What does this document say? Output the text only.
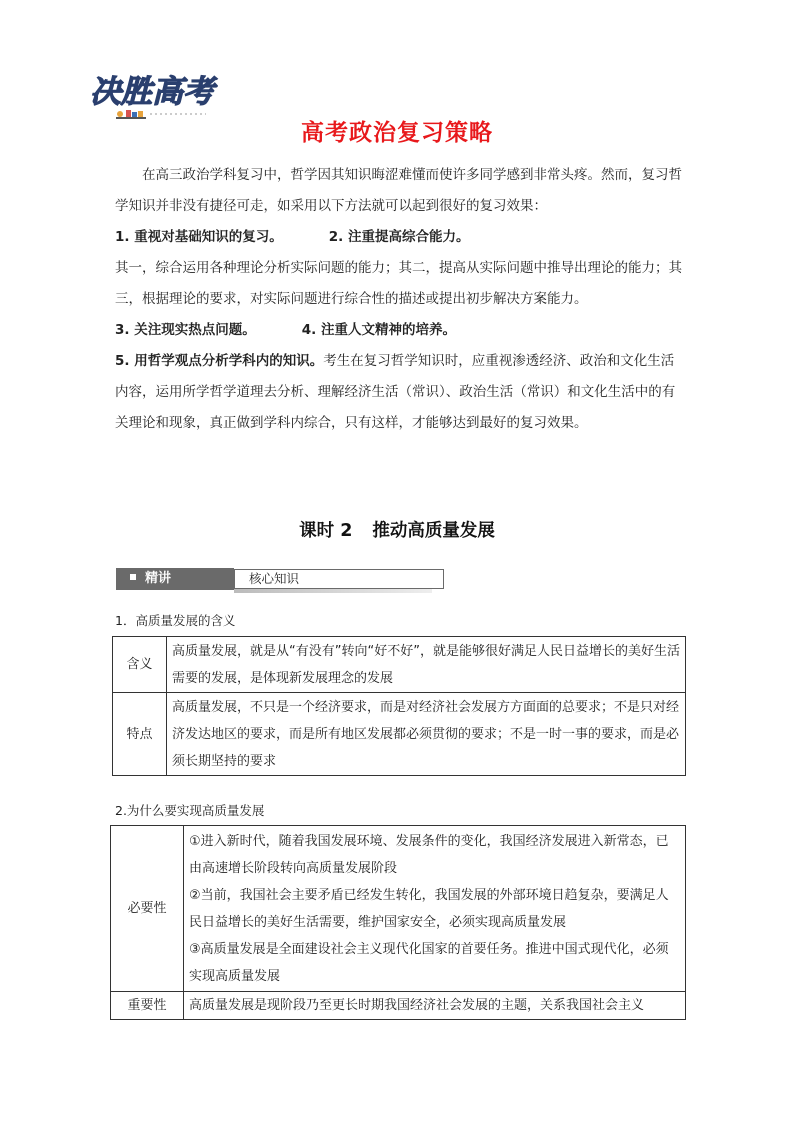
决胜高考
高考政治复习策略
在高三政治学科复习中，哲学因其知识晦涩难懂而使许多同学感到非常头疼。然而，复习哲学知识并非没有捷径可走，如采用以下方法就可以起到很好的复习效果：
1. 重视对基础知识的复习。	2. 注重提高综合能力。
其一，综合运用各种理论分析实际问题的能力；其二，提高从实际问题中推导出理论的能力；其三，根据理论的要求，对实际问题进行综合性的描述或提出初步解决方案能力。
3. 关注现实热点问题。	4. 注重人文精神的培养。
5. 用哲学观点分析学科内的知识。考生在复习哲学知识时，应重视渗透经济、政治和文化生活内容，运用所学哲学道理去分析、理解经济生活（常识）、政治生活（常识）和文化生活中的有关理论和现象，真正做到学科内综合，只有这样，才能够达到最好的复习效果。
课时 2 推动高质量发展
精讲	核心知识
1．高质量发展的含义
含义	高质量发展，就是从“有没有”转向“好不好”，就是能够很好满足人民日益增长的美好生活需要的发展，是体现新发展理念的发展
特点	高质量发展，不只是一个经济要求，而是对经济社会发展方方面面的总要求；不是只对经济发达地区的要求，而是所有地区发展都必须贯彻的要求；不是一时一事的要求，而是必须长期坚持的要求
2.为什么要实现高质量发展
必要性	①进入新时代，随着我国发展环境、发展条件的变化，我国经济发展进入新常态，已由高速增长阶段转向高质量发展阶段
②当前，我国社会主要矛盾已经发生转化，我国发展的外部环境日趋复杂，要满足人民日益增长的美好生活需要，维护国家安全，必须实现高质量发展
③高质量发展是全面建设社会主义现代化国家的首要任务。推进中国式现代化，必须实现高质量发展

重要性	高质量发展是现阶段乃至更长时期我国经济社会发展的主题，关系我国社会主义
